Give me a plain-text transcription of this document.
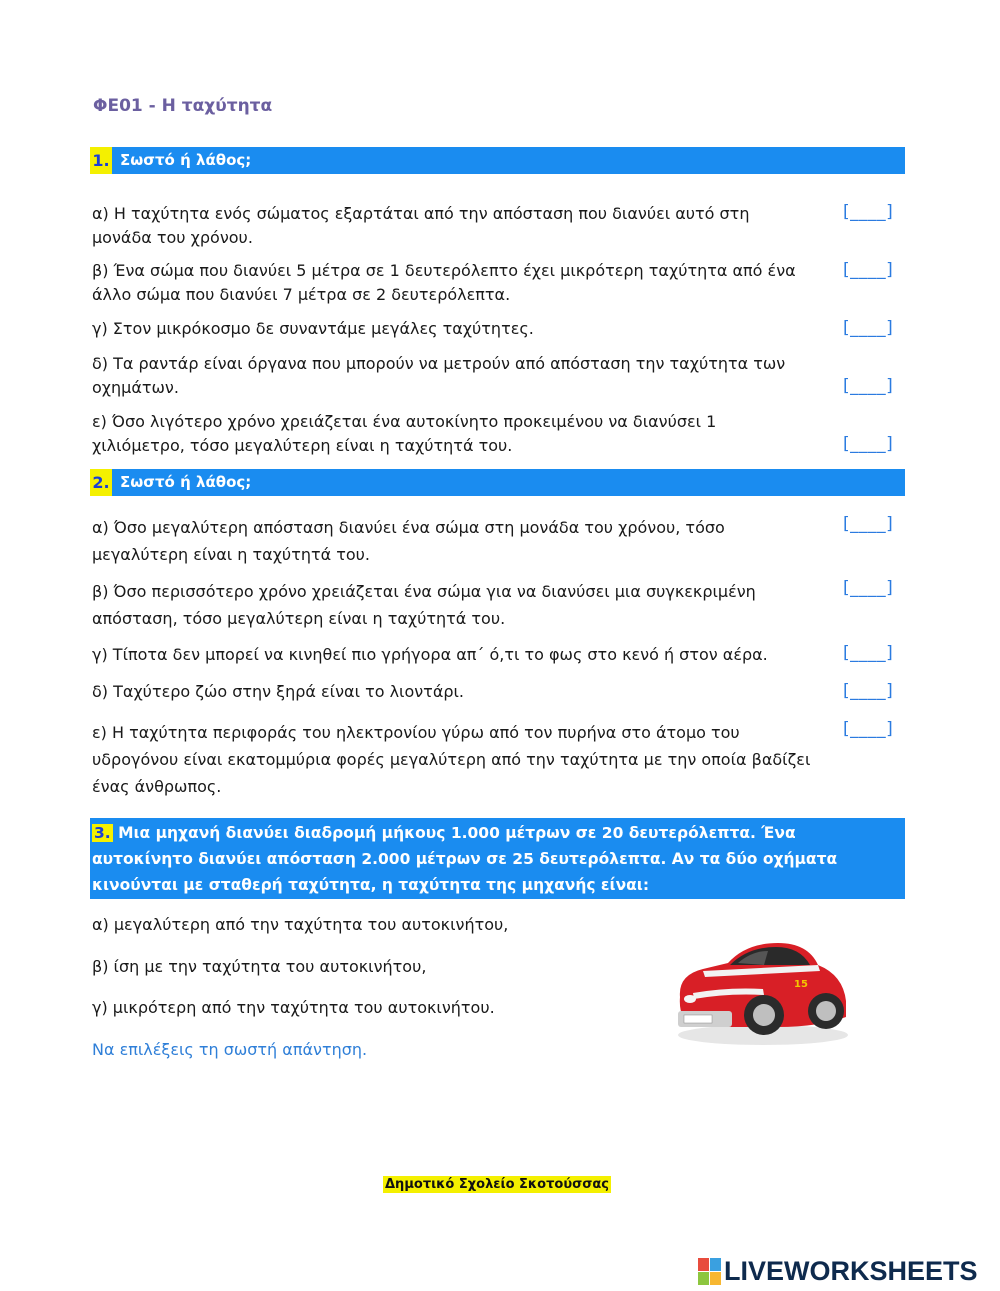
ΦΕ01 - Η ταχύτητα
1. Σωστό ή λάθος;
α) Η ταχύτητα ενός σώματος εξαρτάται από την απόσταση που διανύει αυτό στη μονάδα του χρόνου.
[____]
β) Ένα σώμα που διανύει 5 μέτρα σε 1 δευτερόλεπτο έχει μικρότερη ταχύτητα από ένα άλλο σώμα που διανύει 7 μέτρα σε 2 δευτερόλεπτα.
[____]
γ) Στον μικρόκοσμο δε συναντάμε μεγάλες ταχύτητες.	[____]
δ) Τα ραντάρ είναι όργανα που μπορούν να μετρούν από απόσταση την ταχύτητα των οχημάτων.	[____]
ε) Όσο λιγότερο χρόνο χρειάζεται ένα αυτοκίνητο προκειμένου να διανύσει 1 χιλιόμετρο, τόσο μεγαλύτερη είναι η ταχύτητά του.	[____]
2. Σωστό ή λάθος;
α) Όσο μεγαλύτερη απόσταση διανύει ένα σώμα στη μονάδα του χρόνου, τόσο μεγαλύτερη είναι η ταχύτητά του.
[____]
β) Όσο περισσότερο χρόνο χρειάζεται ένα σώμα για να διανύσει μια συγκεκριμένη απόσταση, τόσο μεγαλύτερη είναι η ταχύτητά του.
[____]
γ) Τίποτα δεν μπορεί να κινηθεί πιο γρήγορα απ΄ ό,τι το φως στο κενό ή στον αέρα.	[____]
δ) Ταχύτερο ζώο στην ξηρά είναι το λιοντάρι.	[____]
ε) Η ταχύτητα περιφοράς του ηλεκτρονίου γύρω από τον πυρήνα στο άτομο του υδρογόνου είναι εκατομμύρια φορές μεγαλύτερη από την ταχύτητα με την οποία βαδίζει ένας άνθρωπος.
[____]
3. Μια μηχανή διανύει διαδρομή μήκους 1.000 μέτρων σε 20 δευτερόλεπτα. Ένα αυτοκίνητο διανύει απόσταση 2.000 μέτρων σε 25 δευτερόλεπτα. Αν τα δύο οχήματα κινούνται με σταθερή ταχύτητα, η ταχύτητα της μηχανής είναι:
α) μεγαλύτερη από την ταχύτητα του αυτοκινήτου,
β) ίση με την ταχύτητα του αυτοκινήτου,
γ) μικρότερη από την ταχύτητα του αυτοκινήτου.
Να επιλέξεις τη σωστή απάντηση.
15
Δημοτικό Σχολείο Σκοτούσσας
LIVEWORKSHEETS
